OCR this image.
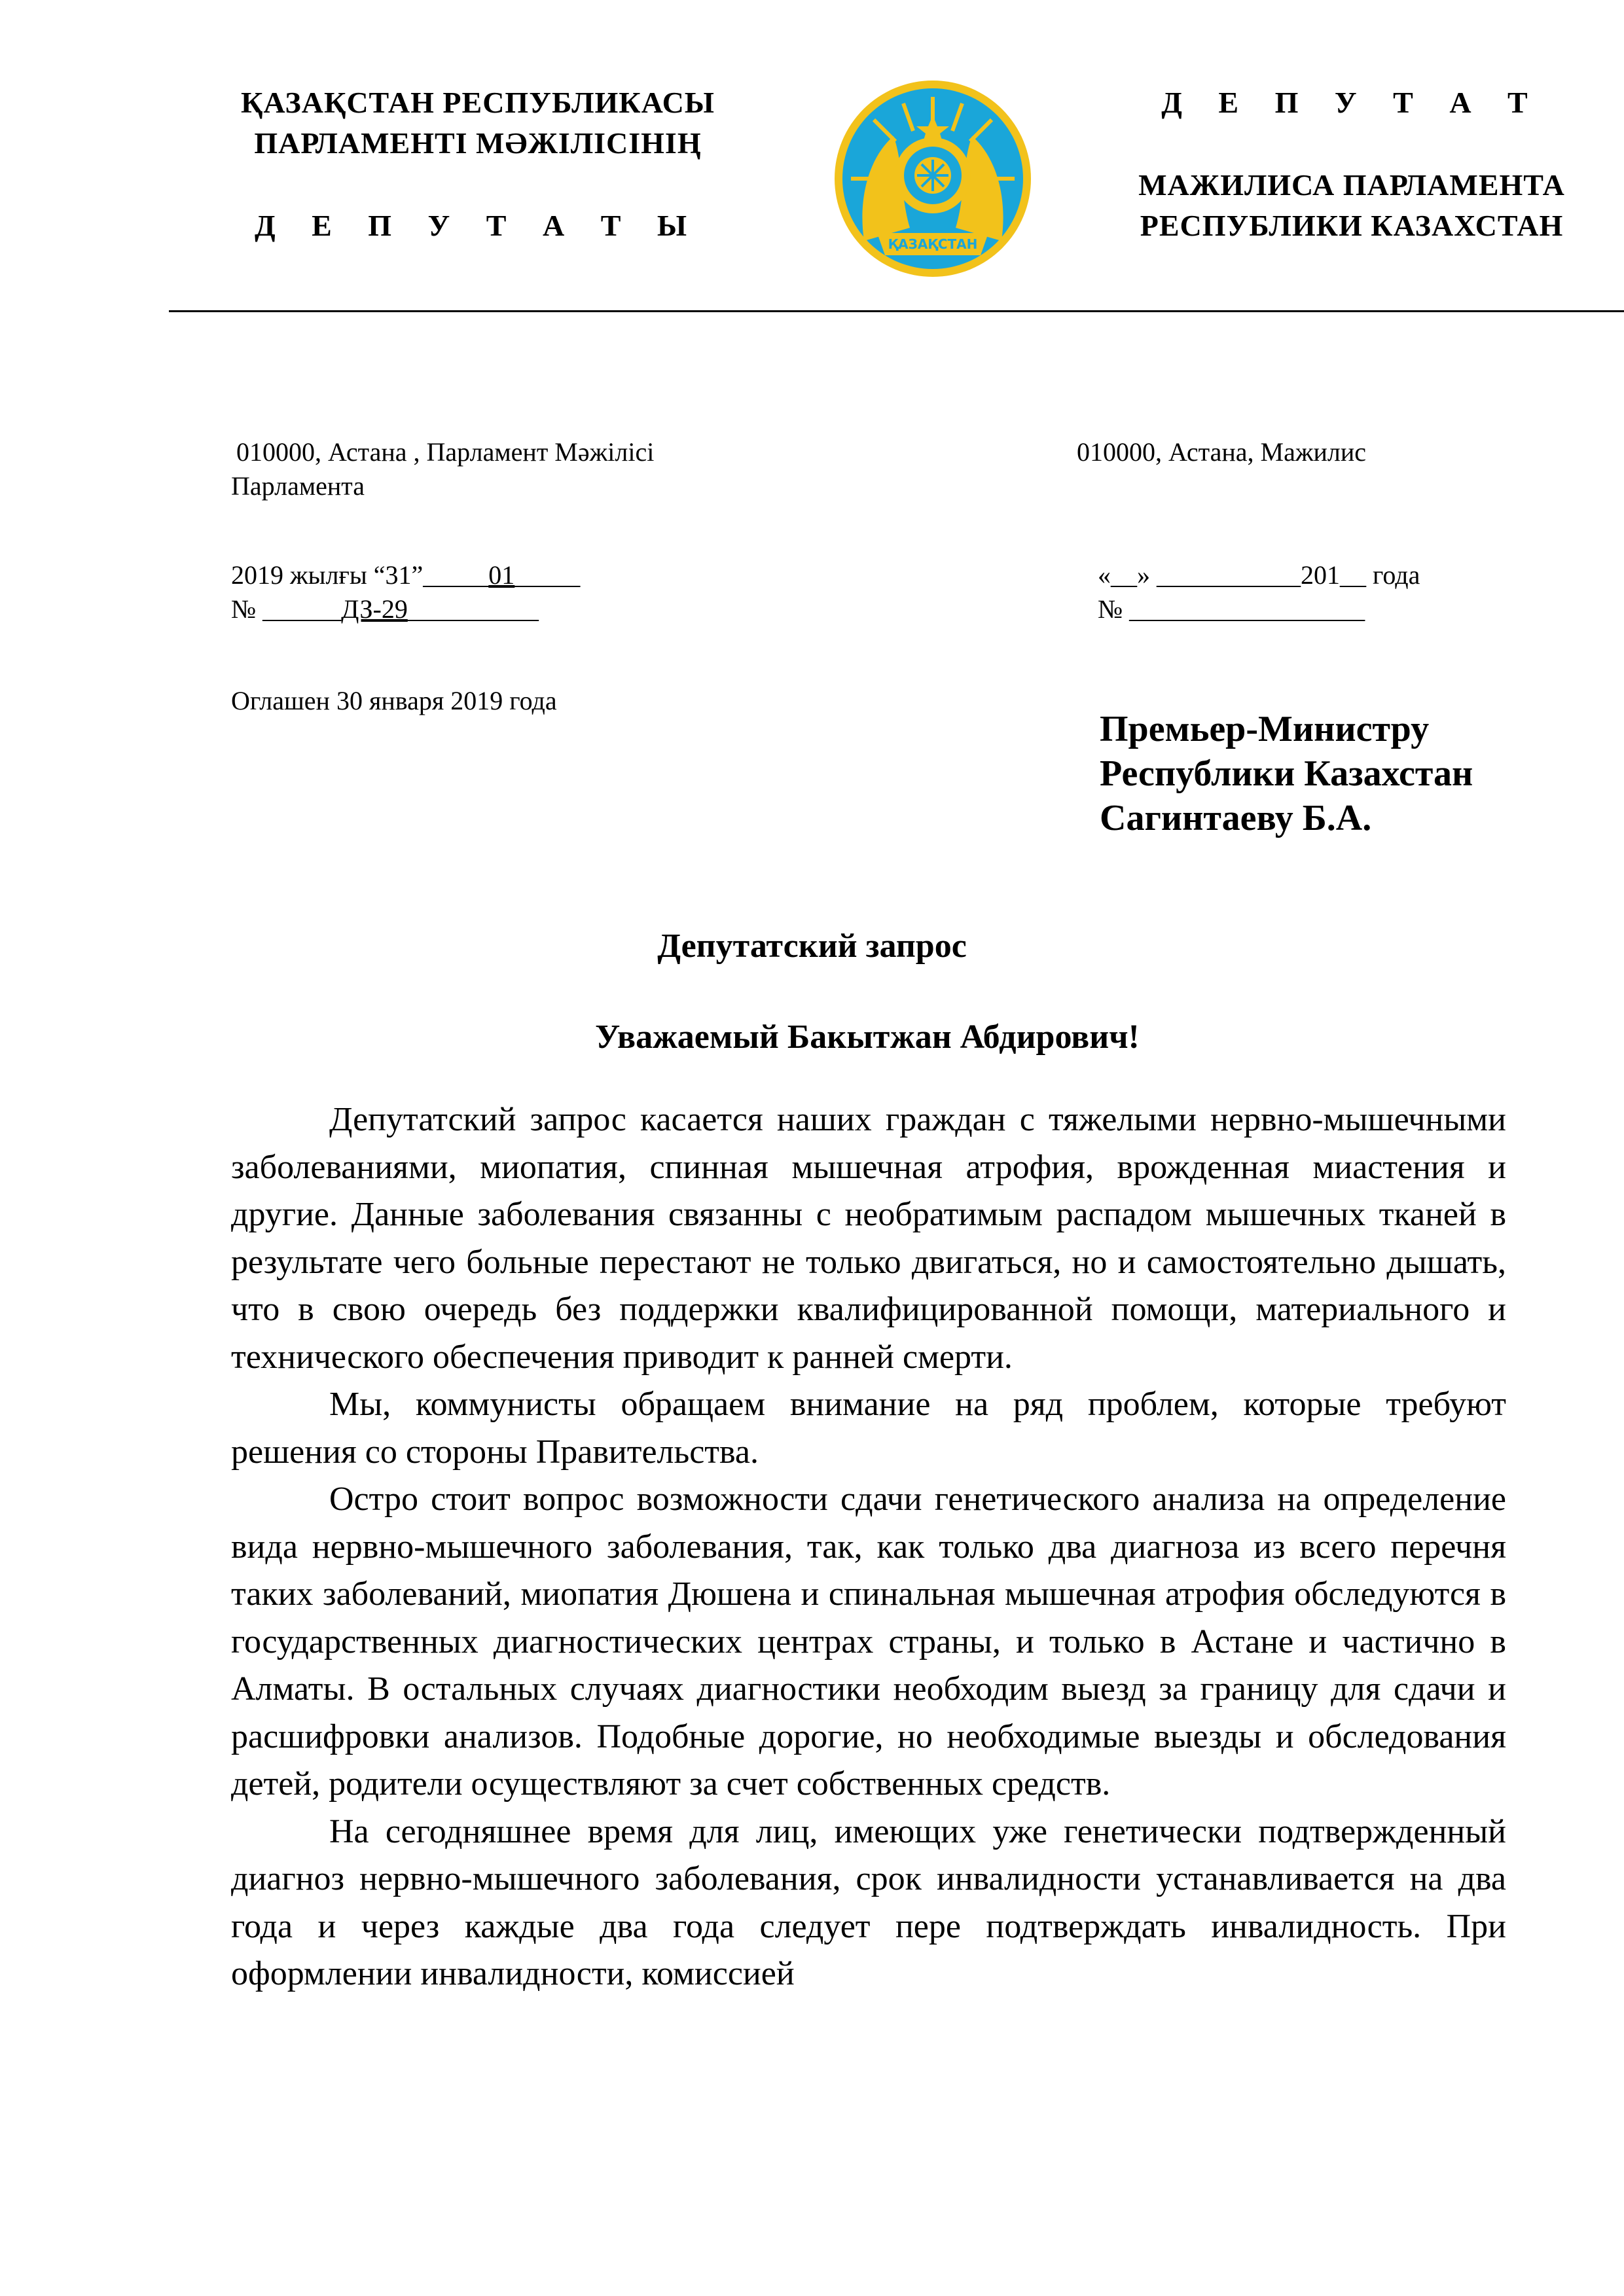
ҚАЗАҚСТАН РЕСПУБЛИКАСЫ
ПАРЛАМЕНТІ МӘЖІЛІСІНІҢ
Д Е П У Т А Т Ы
ҚАЗАҚСТАН
Д Е П У Т А Т
МАЖИЛИСА ПАРЛАМЕНТА
РЕСПУБЛИКИ КАЗАХСТАН
010000, Астана , Парламент Мәжілісі
Парламента
2019 жылғы “31”_____01_____
№ ______ДЗ-29__________
Оглашен 30 января 2019 года
010000, Астана, Мажилис
«__» ___________201__ года
№ __________________
Премьер-Министру
Республики Казахстан
Сагинтаеву Б.А.
Депутатский запрос
Уважаемый Бакытжан Абдирович!

Депутатский запрос касается наших граждан с тяжелыми нервно-мышечными заболеваниями, миопатия, спинная мышечная атрофия, врожденная миастения и другие. Данные заболевания связанны с необратимым распадом мышечных тканей в результате чего больные перестают не только двигаться, но и самостоятельно дышать, что в свою очередь без поддержки квалифицированной помощи, материального и технического обеспечения приводит к ранней смерти.

Мы, коммунисты обращаем внимание на ряд проблем, которые требуют решения со стороны Правительства.

Остро стоит вопрос возможности сдачи генетического анализа на определение вида нервно-мышечного заболевания, так, как только два диагноза из всего перечня таких заболеваний, миопатия Дюшена и спинальная мышечная атрофия обследуются в государственных диагностических центрах страны, и только в Астане и частично в Алматы. В остальных случаях диагностики необходим выезд за границу для сдачи и расшифровки анализов. Подобные дорогие, но необходимые выезды и обследования детей, родители осуществляют за счет собственных средств.

На сегодняшнее время для лиц, имеющих уже генетически подтвержденный диагноз нервно-мышечного заболевания, срок инвалидности устанавливается на два года и через каждые два года следует пере подтверждать инвалидность. При оформлении инвалидности, комиссией
